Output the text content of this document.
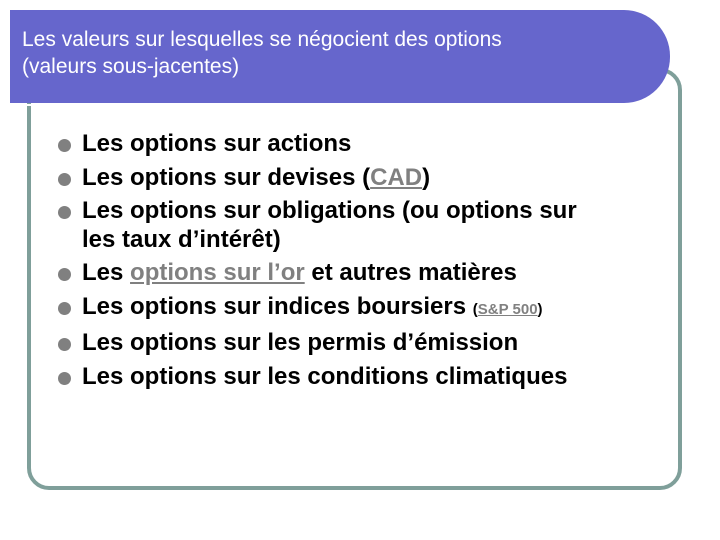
Les valeurs sur lesquelles se négocient des options
(valeurs sous-jacentes)
Les options sur actions
Les options sur devises (CAD)
Les options sur obligations (ou options sur
les taux d’intérêt)
Les options sur l’or et autres matières
Les options sur indices boursiers (S&P 500)
Les options sur les permis d’émission
Les options sur les conditions climatiques
